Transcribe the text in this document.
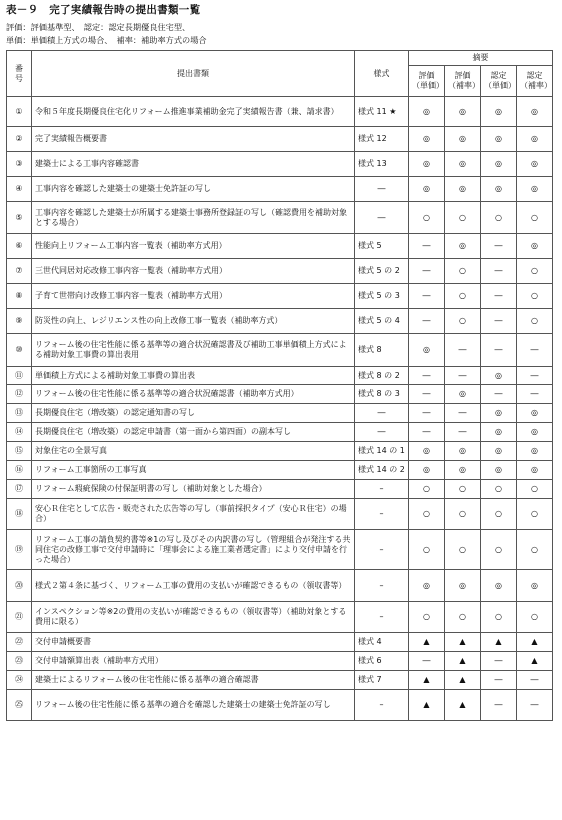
表－９　完了実績報告時の提出書類一覧
評価：評価基準型、　認定：認定長期優良住宅型、
単価：単価積上方式の場合、　補率：補助率方式の場合
番号	提出書類	様式	摘要			

			評価（単価）	評価（補率）	認定（単価）	認定（補率）

①	令和５年度長期優良住宅化リフォーム推進事業補助金完了実績報告書（兼、請求書）	様式 11 ★	◎	◎	◎	◎
②	完了実績報告概要書	様式 12	◎	◎	◎	◎
③	建築士による工事内容確認書	様式 13	◎	◎	◎	◎
④	工事内容を確認した建築士の建築士免許証の写し	―	◎	◎	◎	◎
⑤	工事内容を確認した建築士が所属する建築士事務所登録証の写し（確認費用を補助対象とする場合）	―	○	○	○	○
⑥	性能向上リフォーム工事内容一覧表（補助率方式用）	様式 5	―	◎	―	◎
⑦	三世代同居対応改修工事内容一覧表（補助率方式用）	様式 5 の 2	―	○	―	○
⑧	子育て世帯向け改修工事内容一覧表（補助率方式用）	様式 5 の 3	―	○	―	○
⑨	防災性の向上、レジリエンス性の向上改修工事一覧表（補助率方式）	様式 5 の 4	―	○	―	○
⑩	リフォーム後の住宅性能に係る基準等の適合状況確認書及び補助工事単価積上方式による補助対象工事費の算出表用	様式 8	◎	―	―	―
⑪	単価積上方式による補助対象工事費の算出表	様式 8 の 2	―	―	◎	―
⑫	リフォーム後の住宅性能に係る基準等の適合状況確認書（補助率方式用）	様式 8 の 3	―	◎	―	―
⑬	長期優良住宅（増改築）の認定通知書の写し	―	―	―	◎	◎
⑭	長期優良住宅（増改築）の認定申請書（第一面から第四面）の副本写し	―	―	―	◎	◎
⑮	対象住宅の全景写真	様式 14 の 1	◎	◎	◎	◎
⑯	リフォーム工事箇所の工事写真	様式 14 の 2	◎	◎	◎	◎
⑰	リフォーム瑕疵保険の付保証明書の写し（補助対象とした場合）	–	○	○	○	○
⑱	安心Ｒ住宅として広告・販売された広告等の写し（事前採択タイプ（安心Ｒ住宅）の場合）	–	○	○	○	○
⑲	リフォーム工事の請負契約書等※1の写し及びその内訳書の写し（管理組合が発注する共同住宅の改修工事で交付申請時に「理事会による施工業者選定書」により交付申請を行った場合）	–	○	○	○	○
⑳	様式２第４条に基づく、リフォーム工事の費用の支払いが確認できるもの（領収書等）	–	◎	◎	◎	◎
㉑	インスペクション等※2の費用の支払いが確認できるもの（領収書等）（補助対象とする費用に限る）	–	○	○	○	○
㉒	交付申請概要書	様式 4	▲	▲	▲	▲
㉓	交付申請額算出表（補助率方式用）	様式 6	―	▲	―	▲
㉔	建築士によるリフォーム後の住宅性能に係る基準の適合確認書	様式 7	▲	▲	―	―
㉕	リフォーム後の住宅性能に係る基準の適合を確認した建築士の建築士免許証の写し	–	▲	▲	―	―
